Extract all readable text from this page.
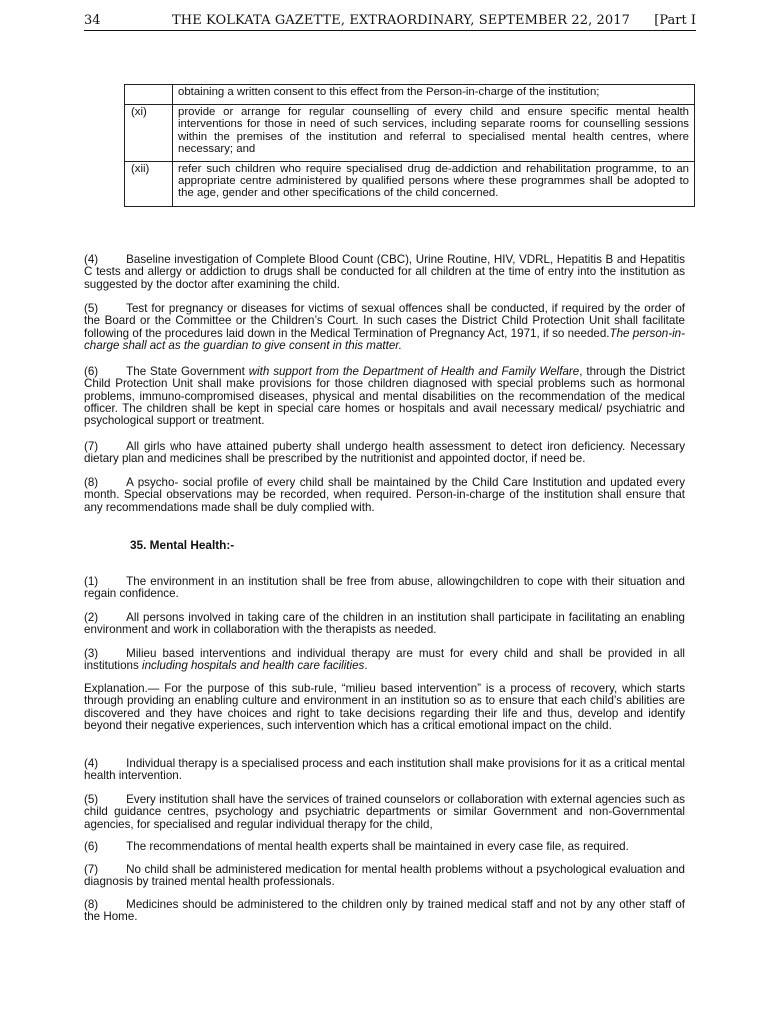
34	THE KOLKATA GAZETTE, EXTRAORDINARY, SEPTEMBER 22, 2017 [Part I
	obtaining a written consent to this effect from the Person-in-charge of the institution;
(xi)	provide or arrange for regular counselling of every child and ensure specific mental health interventions for those in need of such services, including separate rooms for counselling sessions within the premises of the institution and referral to specialised mental health centres, where necessary; and
(xii)	refer such children who require specialised drug de-addiction and rehabilitation programme, to an appropriate centre administered by qualified persons where these programmes shall be adopted to the age, gender and other specifications of the child concerned.

(4) Baseline investigation of Complete Blood Count (CBC), Urine Routine, HIV, VDRL, Hepatitis B and Hepatitis C tests and allergy or addiction to drugs shall be conducted for all children at the time of entry into the institution as suggested by the doctor after examining the child.

(5) Test for pregnancy or diseases for victims of sexual offences shall be conducted, if required by the order of the Board or the Committee or the Children’s Court. In such cases the District Child Protection Unit shall facilitate following of the procedures laid down in the Medical Termination of Pregnancy Act, 1971, if so needed.The person-in-charge shall act as the guardian to give consent in this matter.

(6) The State Government with support from the Department of Health and Family Welfare, through the District Child Protection Unit shall make provisions for those children diagnosed with special problems such as hormonal problems, immuno-compromised diseases, physical and mental disabilities on the recommendation of the medical officer. The children shall be kept in special care homes or hospitals and avail necessary medical/ psychiatric and psychological support or treatment.

(7) All girls who have attained puberty shall undergo health assessment to detect iron deficiency. Necessary dietary plan and medicines shall be prescribed by the nutritionist and appointed doctor, if need be.

(8) A psycho- social profile of every child shall be maintained by the Child Care Institution and updated every month. Special observations may be recorded, when required. Person-in-charge of the institution shall ensure that any recommendations made shall be duly complied with.

35. Mental Health:-

(1) The environment in an institution shall be free from abuse, allowingchildren to cope with their situation and regain confidence.

(2) All persons involved in taking care of the children in an institution shall participate in facilitating an enabling environment and work in collaboration with the therapists as needed.

(3) Milieu based interventions and individual therapy are must for every child and shall be provided in all institutions including hospitals and health care facilities.

Explanation.— For the purpose of this sub-rule, “milieu based intervention” is a process of recovery, which starts through providing an enabling culture and environment in an institution so as to ensure that each child’s abilities are discovered and they have choices and right to take decisions regarding their life and thus, develop and identify beyond their negative experiences, such intervention which has a critical emotional impact on the child.

(4) Individual therapy is a specialised process and each institution shall make provisions for it as a critical mental health intervention.

(5) Every institution shall have the services of trained counselors or collaboration with external agencies such as child guidance centres, psychology and psychiatric departments or similar Government and non-Governmental agencies, for specialised and regular individual therapy for the child,

(6) The recommendations of mental health experts shall be maintained in every case file, as required.

(7) No child shall be administered medication for mental health problems without a psychological evaluation and diagnosis by trained mental health professionals.

(8) Medicines should be administered to the children only by trained medical staff and not by any other staff of the Home.
